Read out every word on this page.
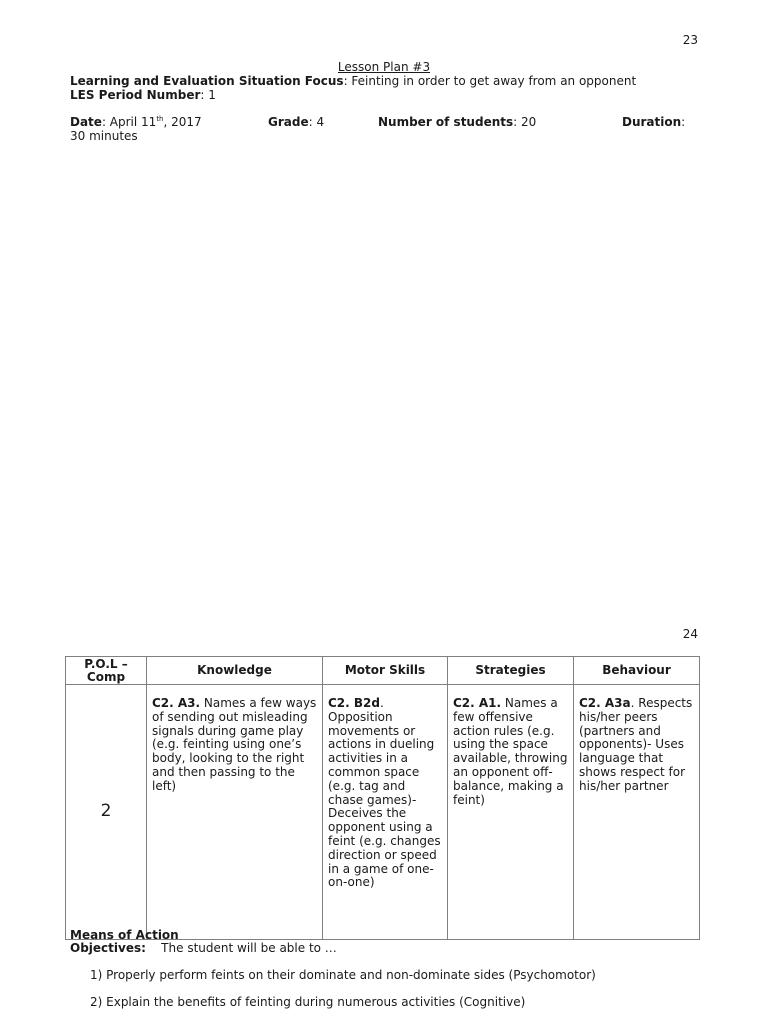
23
Lesson Plan #3
Learning and Evaluation Situation Focus: Feinting in order to get away from an opponent
LES Period Number: 1
Date: April 11th, 2017	Grade: 4	Number of students: 20	Duration:
30 minutes
24
P.O.L – Comp	Knowledge	Motor Skills	Strategies	Behaviour
2	C2. A3. Names a few ways of sending out misleading signals during game play (e.g. feinting using one’s body, looking to the right and then passing to the left)	C2. B2d. Opposition movements or actions in dueling activities in a common space (e.g. tag and chase games)- Deceives the opponent using a feint (e.g. changes direction or speed in a game of one-on-one)	C2. A1. Names a few offensive action rules (e.g. using the space available, throwing an opponent off-balance, making a feint)	C2. A3a. Respects his/her peers (partners and opponents)- Uses language that shows respect for his/her partner
Means of Action
Objectives:    The student will be able to …
1) Properly perform feints on their dominate and non-dominate sides (Psychomotor)
2) Explain the benefits of feinting during numerous activities (Cognitive)
